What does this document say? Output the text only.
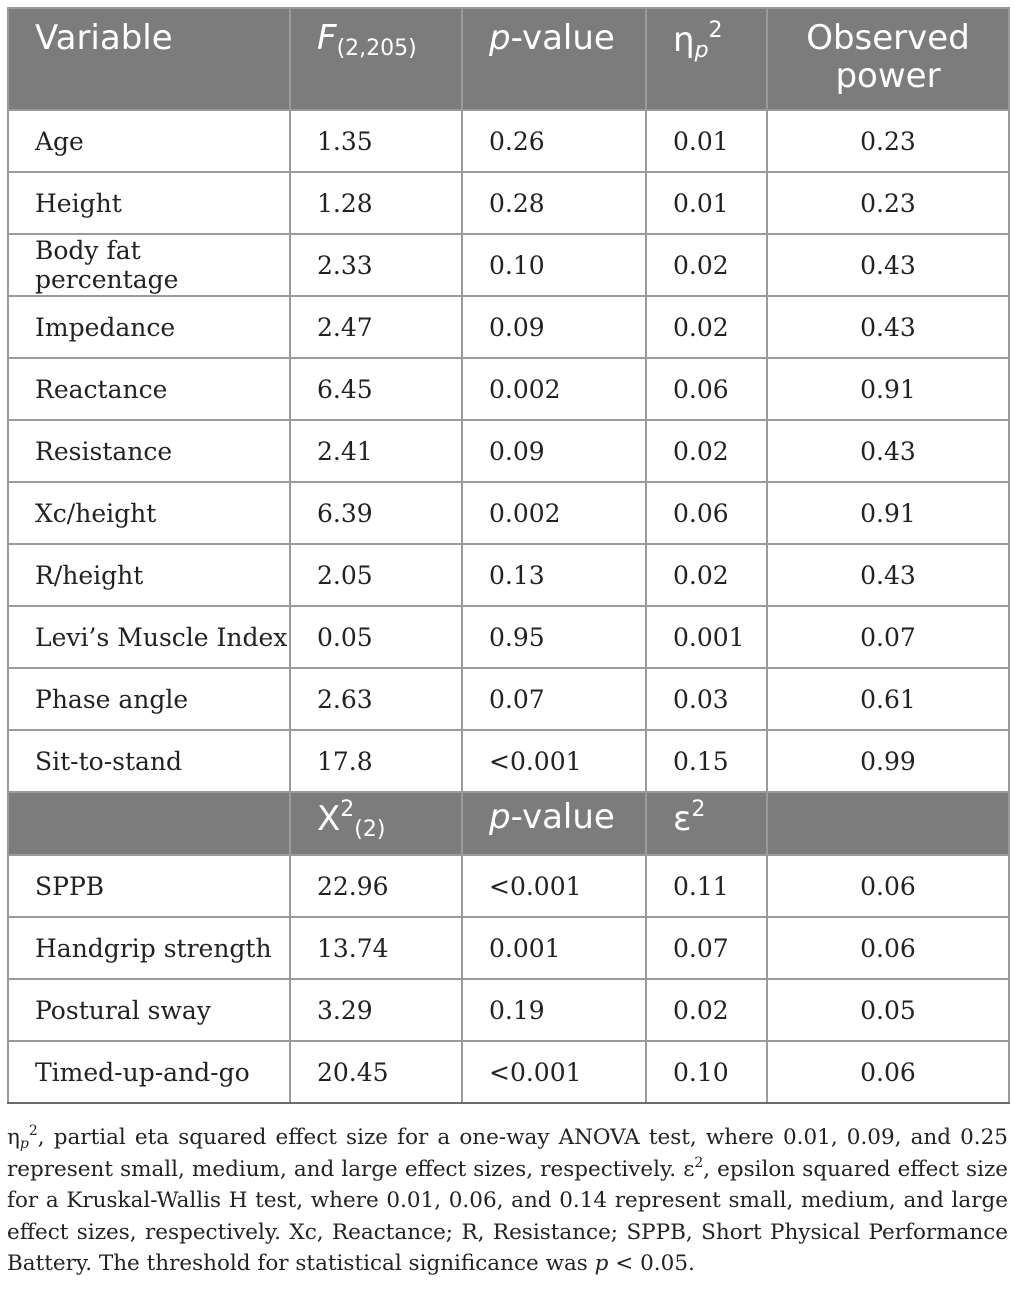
Variable	$F_{(2,205)}$	p-value	$\eta_p^2$	Observed power
Age	1.35	0.26	0.01	0.23
Height	1.28	0.28	0.01	0.23
Body fat percentage	2.33	0.10	0.02	0.43
Impedance	2.47	0.09	0.02	0.43
Reactance	6.45	0.002	0.06	0.91
Resistance	2.41	0.09	0.02	0.43
Xc/height	6.39	0.002	0.06	0.91
R/height	2.05	0.13	0.02	0.43
Levi’s Muscle Index	0.05	0.95	0.001	0.07
Phase angle	2.63	0.07	0.03	0.61
Sit-to-stand	17.8	<0.001	0.15	0.99
	$X^2_{(2)}$	p-value	$\varepsilon^2$	
SPPB	22.96	<0.001	0.11	0.06
Handgrip strength	13.74	0.001	0.07	0.06
Postural sway	3.29	0.19	0.02	0.05
Timed-up-and-go	20.45	<0.001	0.10	0.06
$\eta_p^2$, partial eta squared effect size for a one-way ANOVA test, where 0.01, 0.09, and 0.25 represent small, medium, and large effect sizes, respectively. $\varepsilon^2$, epsilon squared effect size for a Kruskal-Wallis H test, where 0.01, 0.06, and 0.14 represent small, medium, and large effect sizes, respectively. Xc, Reactance; R, Resistance; SPPB, Short Physical Performance Battery. The threshold for statistical significance was p < 0.05.
